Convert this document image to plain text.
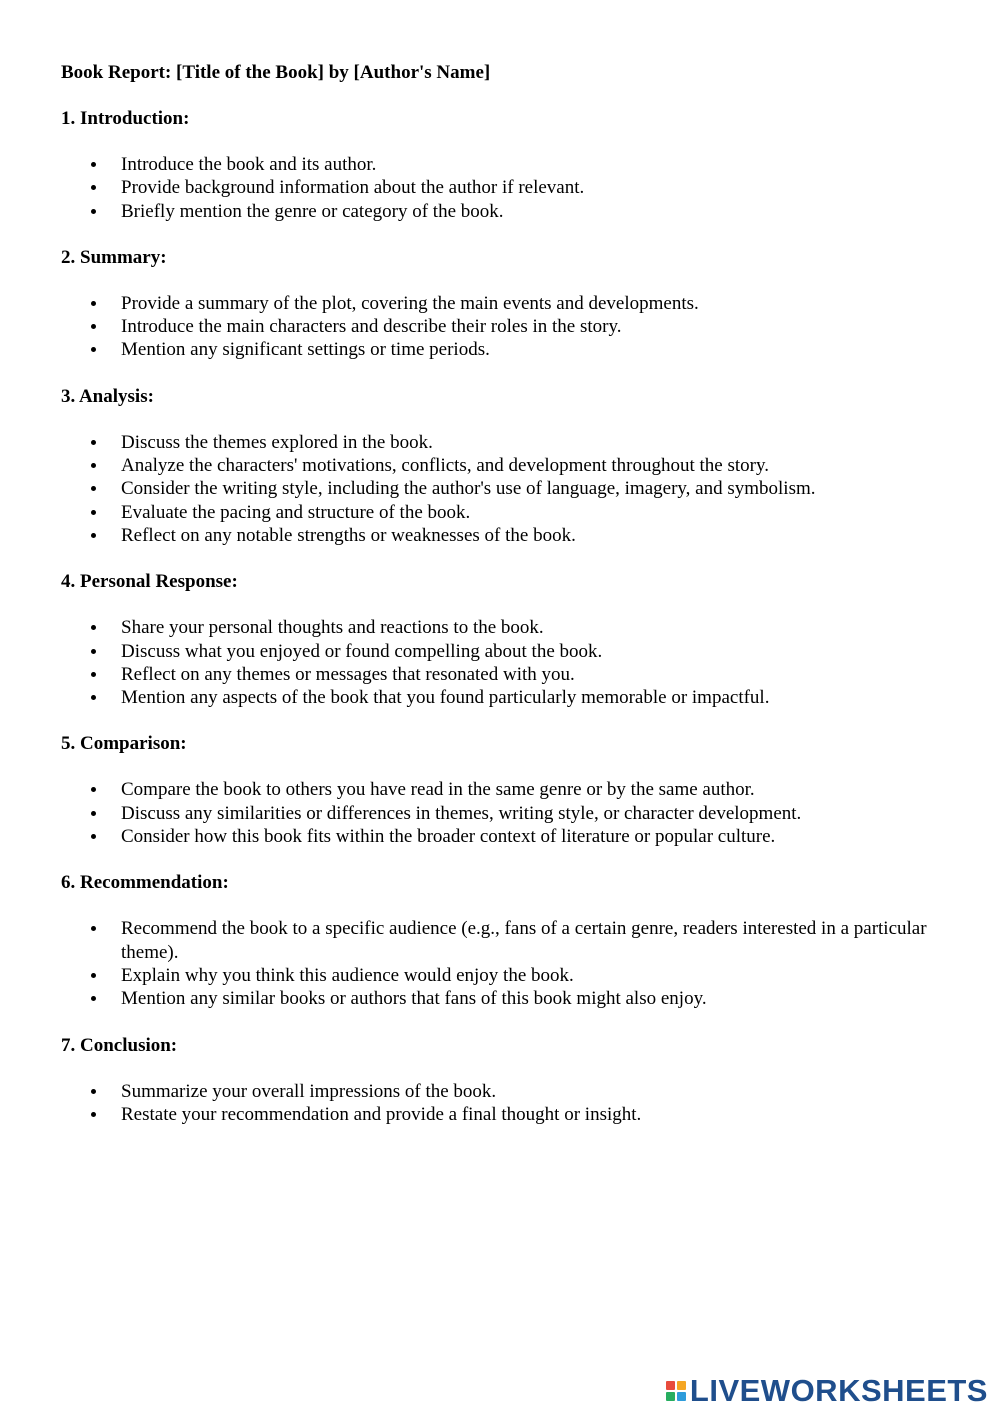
Book Report: [Title of the Book] by [Author's Name]
1. Introduction:
Introduce the book and its author.
Provide background information about the author if relevant.
Briefly mention the genre or category of the book.
2. Summary:
Provide a summary of the plot, covering the main events and developments.
Introduce the main characters and describe their roles in the story.
Mention any significant settings or time periods.
3. Analysis:
Discuss the themes explored in the book.
Analyze the characters' motivations, conflicts, and development throughout the story.
Consider the writing style, including the author's use of language, imagery, and symbolism.
Evaluate the pacing and structure of the book.
Reflect on any notable strengths or weaknesses of the book.
4. Personal Response:
Share your personal thoughts and reactions to the book.
Discuss what you enjoyed or found compelling about the book.
Reflect on any themes or messages that resonated with you.
Mention any aspects of the book that you found particularly memorable or impactful.
5. Comparison:
Compare the book to others you have read in the same genre or by the same author.
Discuss any similarities or differences in themes, writing style, or character development.
Consider how this book fits within the broader context of literature or popular culture.
6. Recommendation:
Recommend the book to a specific audience (e.g., fans of a certain genre, readers interested in a particular theme).
Explain why you think this audience would enjoy the book.
Mention any similar books or authors that fans of this book might also enjoy.
7. Conclusion:
Summarize your overall impressions of the book.
Restate your recommendation and provide a final thought or insight.
LIVEWORKSHEETS
